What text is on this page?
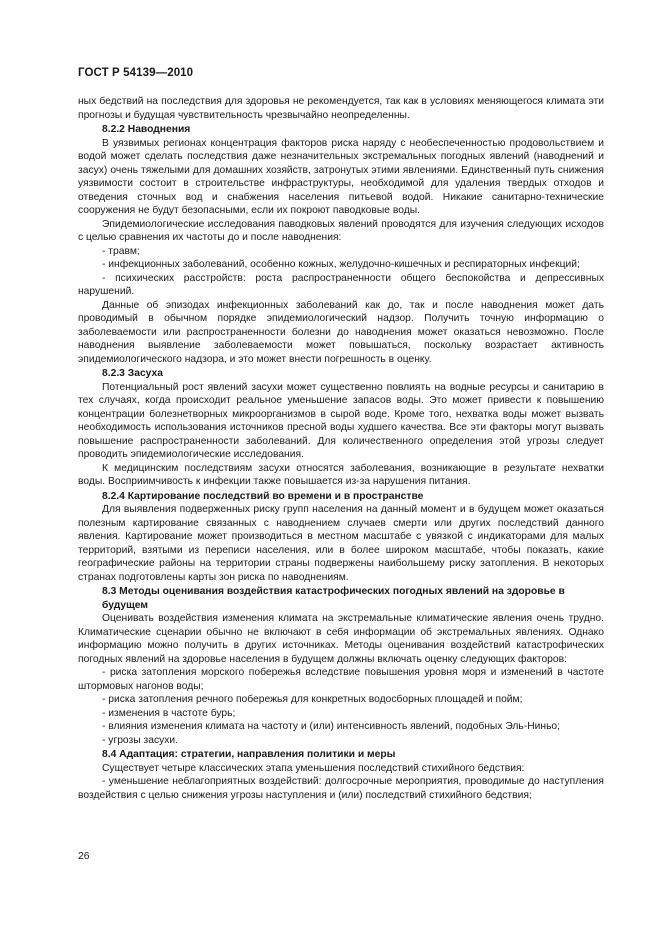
ГОСТ Р 54139—2010

ных бедствий на последствия для здоровья не рекомендуется, так как в условиях меняющегося климата эти прогнозы и будущая чувствительность чрезвычайно неопределенны.

8.2.2 Наводнения

В уязвимых регионах концентрация факторов риска наряду с необеспеченностью продовольствием и водой может сделать последствия даже незначительных экстремальных погодных явлений (наводнений и засух) очень тяжелыми для домашних хозяйств, затронутых этими явлениями. Единственный путь снижения уязвимости состоит в строительстве инфраструктуры, необходимой для удаления твердых отходов и отведения сточных вод и снабжения населения питьевой водой. Никакие санитарно-технические сооружения не будут безопасными, если их покроют паводковые воды.

Эпидемиологические исследования паводковых явлений проводятся для изучения следующих исходов с целью сравнения их частоты до и после наводнения:

- травм;

- инфекционных заболеваний, особенно кожных, желудочно-кишечных и респираторных инфекций;

- психических расстройств: роста распространенности общего беспокойства и депрессивных нарушений.

Данные об эпизодах инфекционных заболеваний как до, так и после наводнения может дать проводимый в обычном порядке эпидемиологический надзор. Получить точную информацию о заболеваемости или распространенности болезни до наводнения может оказаться невозможно. После наводнения выявление заболеваемости может повышаться, поскольку возрастает активность эпидемиологического надзора, и это может внести погрешность в оценку.

8.2.3 Засуха

Потенциальный рост явлений засухи может существенно повлиять на водные ресурсы и санитарию в тех случаях, когда происходит реальное уменьшение запасов воды. Это может привести к повышению концентрации болезнетворных микроорганизмов в сырой воде. Кроме того, нехватка воды может вызвать необходимость использования источников пресной воды худшего качества. Все эти факторы могут вызвать повышение распространенности заболеваний. Для количественного определения этой угрозы следует проводить эпидемиологические исследования.

К медицинским последствиям засухи относятся заболевания, возникающие в результате нехватки воды. Восприимчивость к инфекции также повышается из-за нарушения питания.

8.2.4 Картирование последствий во времени и в пространстве

Для выявления подверженных риску групп населения на данный момент и в будущем может оказаться полезным картирование связанных с наводнением случаев смерти или других последствий данного явления. Картирование может производиться в местном масштабе с увязкой с индикаторами для малых территорий, взятыми из переписи населения, или в более широком масштабе, чтобы показать, какие географические районы на территории страны подвержены наибольшему риску затопления. В некоторых странах подготовлены карты зон риска по наводнениям.

8.3 Методы оценивания воздействия катастрофических погодных явлений на здоровье в будущем

Оценивать воздействия изменения климата на экстремальные климатические явления очень трудно. Климатические сценарии обычно не включают в себя информации об экстремальных явлениях. Однако информацию можно получить в других источниках. Методы оценивания воздействий катастрофических погодных явлений на здоровье населения в будущем должны включать оценку следующих факторов:

- риска затопления морского побережья вследствие повышения уровня моря и изменений в частоте штормовых нагонов воды;

- риска затопления речного побережья для конкретных водосборных площадей и пойм;

- изменения в частоте бурь;

- влияния изменения климата на частоту и (или) интенсивность явлений, подобных Эль-Ниньо;

- угрозы засухи.

8.4 Адаптация: стратегии, направления политики и меры

Существует четыре классических этапа уменьшения последствий стихийного бедствия:

- уменьшение неблагоприятных воздействий: долгосрочные мероприятия, проводимые до наступления воздействия с целью снижения угрозы наступления и (или) последствий стихийного бедствия;

26
